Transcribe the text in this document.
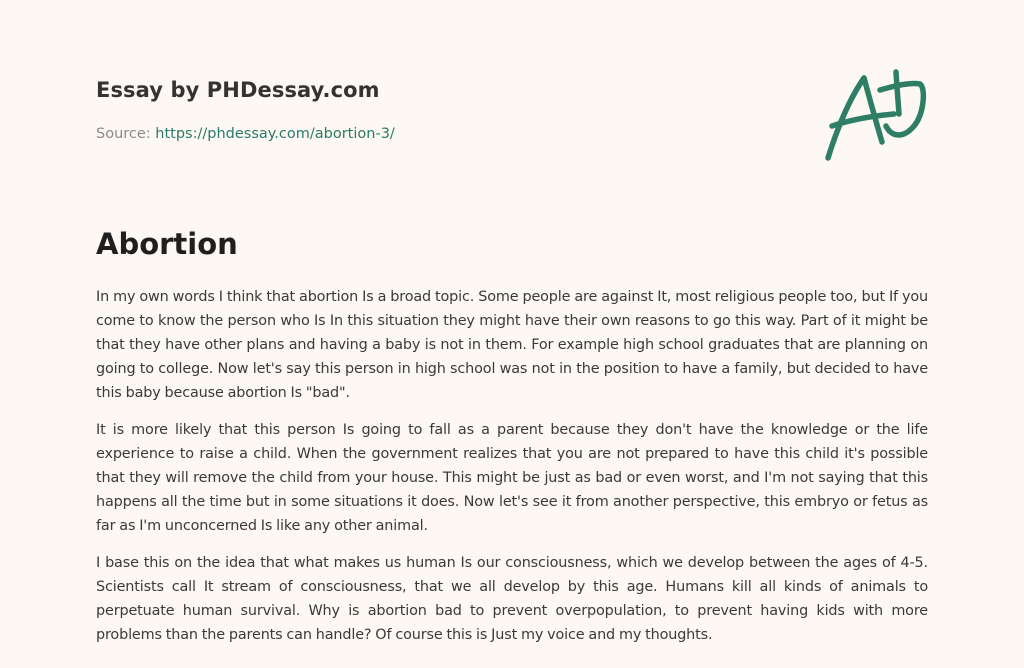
Essay by PHDessay.com
Source: https://phdessay.com/abortion-3/
Abortion

In my own words I think that abortion Is a broad topic. Some people are against It, most religious people too, but If you come to know the person who Is In this situation they might have their own reasons to go this way. Part of it might be that they have other plans and having a baby is not in them. For example high school graduates that are planning on going to college. Now let's say this person in high school was not in the position to have a family, but decided to have this baby because abortion Is "bad".

It is more likely that this person Is going to fall as a parent because they don't have the knowledge or the life experience to raise a child. When the government realizes that you are not prepared to have this child it's possible that they will remove the child from your house. This might be just as bad or even worst, and I'm not saying that this happens all the time but in some situations it does. Now let's see it from another perspective, this embryo or fetus as far as I'm unconcerned Is like any other animal.

I base this on the idea that what makes us human Is our consciousness, which we develop between the ages of 4-5. Scientists call It stream of consciousness, that we all develop by this age. Humans kill all kinds of animals to perpetuate human survival. Why is abortion bad to prevent overpopulation, to prevent having kids with more problems than the parents can handle? Of course this is Just my voice and my thoughts.
